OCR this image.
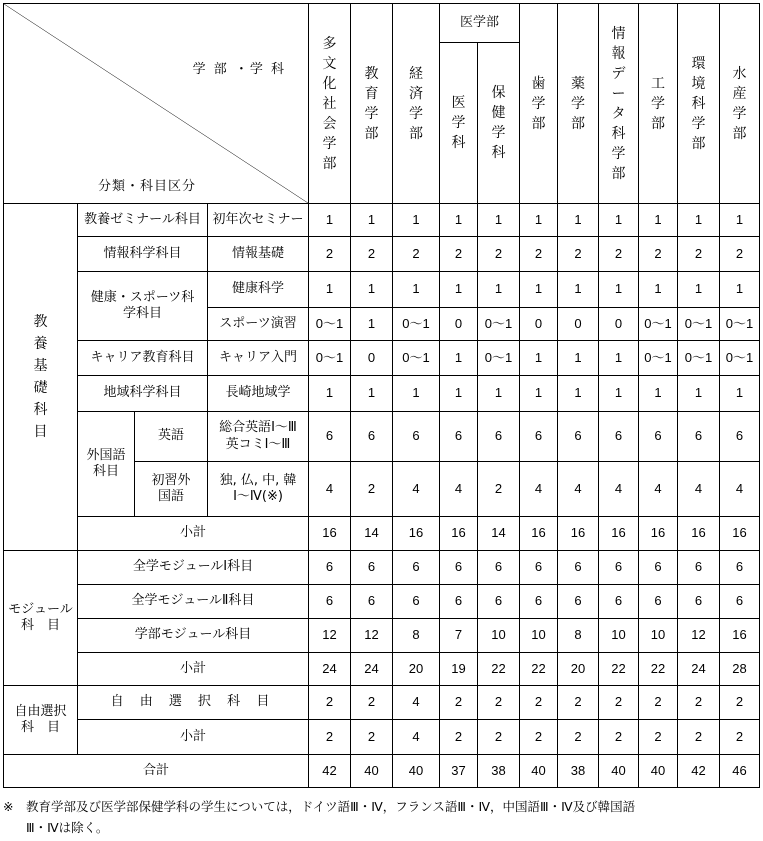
学 部 ・学 科
分類・科目区分				多文化社会学部	教育学部	経済学部	医学部		歯学部	薬学部	情報データ科学部	工学部	環境科学部	水産学部
							医学科	保健学科						
教養基礎科目	教養ゼミナール科目		初年次セミナー	1	1	1	1	1	1	1	1	1	1	1
	情報科学科目		情報基礎	2	2	2	2	2	2	2	2	2	2	2
	健康・スポーツ科学科目		健康科学	1	1	1	1	1	1	1	1	1	1	1
			スポーツ演習	0～1	1	0～1	0	0～1	0	0	0	0～1	0～1	0～1
	キャリア教育科目		キャリア入門	0～1	0	0～1	1	0～1	1	1	1	0～1	0～1	0～1
	地域科学科目		長崎地域学	1	1	1	1	1	1	1	1	1	1	1
	外国語科目	英語	総合英語Ⅰ～Ⅲ
英コミⅠ～Ⅲ	6	6	6	6	6	6	6	6	6	6	6
		初習外国語	独, 仏, 中, 韓
Ⅰ～Ⅳ(※)	4	2	4	4	2	4	4	4	4	4	4
	小計			16	14	16	16	14	16	16	16	16	16	16
モジュール
科　目	全学モジュールⅠ科目			6	6	6	6	6	6	6	6	6	6	6
	全学モジュールⅡ科目			6	6	6	6	6	6	6	6	6	6	6
	学部モジュール科目			12	12	8	7	10	10	8	10	10	12	16
	小計			24	24	20	19	22	22	20	22	22	24	28
自由選択
科　目	自 由 選 択 科 目			2	2	4	2	2	2	2	2	2	2	2
	小計			2	2	4	2	2	2	2	2	2	2	2
合計				42	40	40	37	38	40	38	40	40	42	46
※　教育学部及び医学部保健学科の学生については，ドイツ語Ⅲ・Ⅳ，フランス語Ⅲ・Ⅳ，中国語Ⅲ・Ⅳ及び韓国語
Ⅲ・Ⅳは除く。
